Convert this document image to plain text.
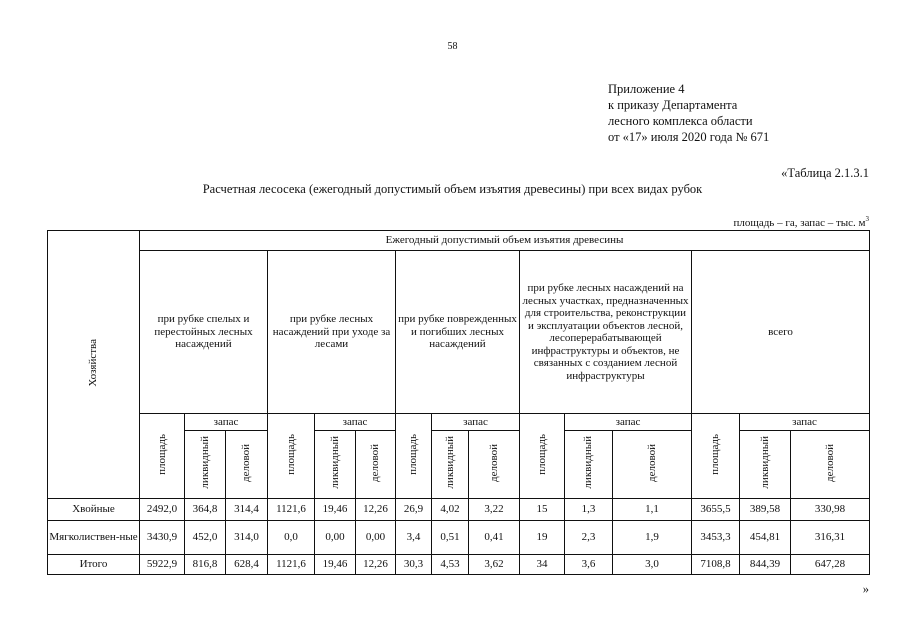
58
Приложение 4
к приказу Департамента
лесного комплекса области
от «17» июля 2020 года № 671
«Таблица 2.1.3.1
Расчетная лесосека (ежегодный допустимый объем изъятия древесины) при всех видах рубок
площадь – га, запас – тыс. $м^3$
Хозяйства	Ежегодный допустимый объем изъятия древесины														
	при рубке спелых и перестойных лесных насаждений			при рубке лесных насаждений при уходе за лесами			при рубке поврежденных и погибших лесных насаждений			при рубке лесных насаждений на лесных участках, предназначенных для строительства, реконструкции и эксплуатации объектов лесной, лесоперерабатывающей инфраструктуры и объектов, не связанных с созданием лесной инфраструктуры			всего		
	площадь	запас		площадь	запас		площадь	запас		площадь	запас		площадь	запас	
		ликвидный	деловой		ликвидный	деловой		ликвидный	деловой		ликвидный	деловой		ликвидный	деловой
Хвойные	2492,0	364,8	314,4	1121,6	19,46	12,26	26,9	4,02	3,22	15	1,3	1,1	3655,5	389,58	330,98
Мягколиствен-ные	3430,9	452,0	314,0	0,0	0,00	0,00	3,4	0,51	0,41	19	2,3	1,9	3453,3	454,81	316,31
Итого	5922,9	816,8	628,4	1121,6	19,46	12,26	30,3	4,53	3,62	34	3,6	3,0	7108,8	844,39	647,28
»
